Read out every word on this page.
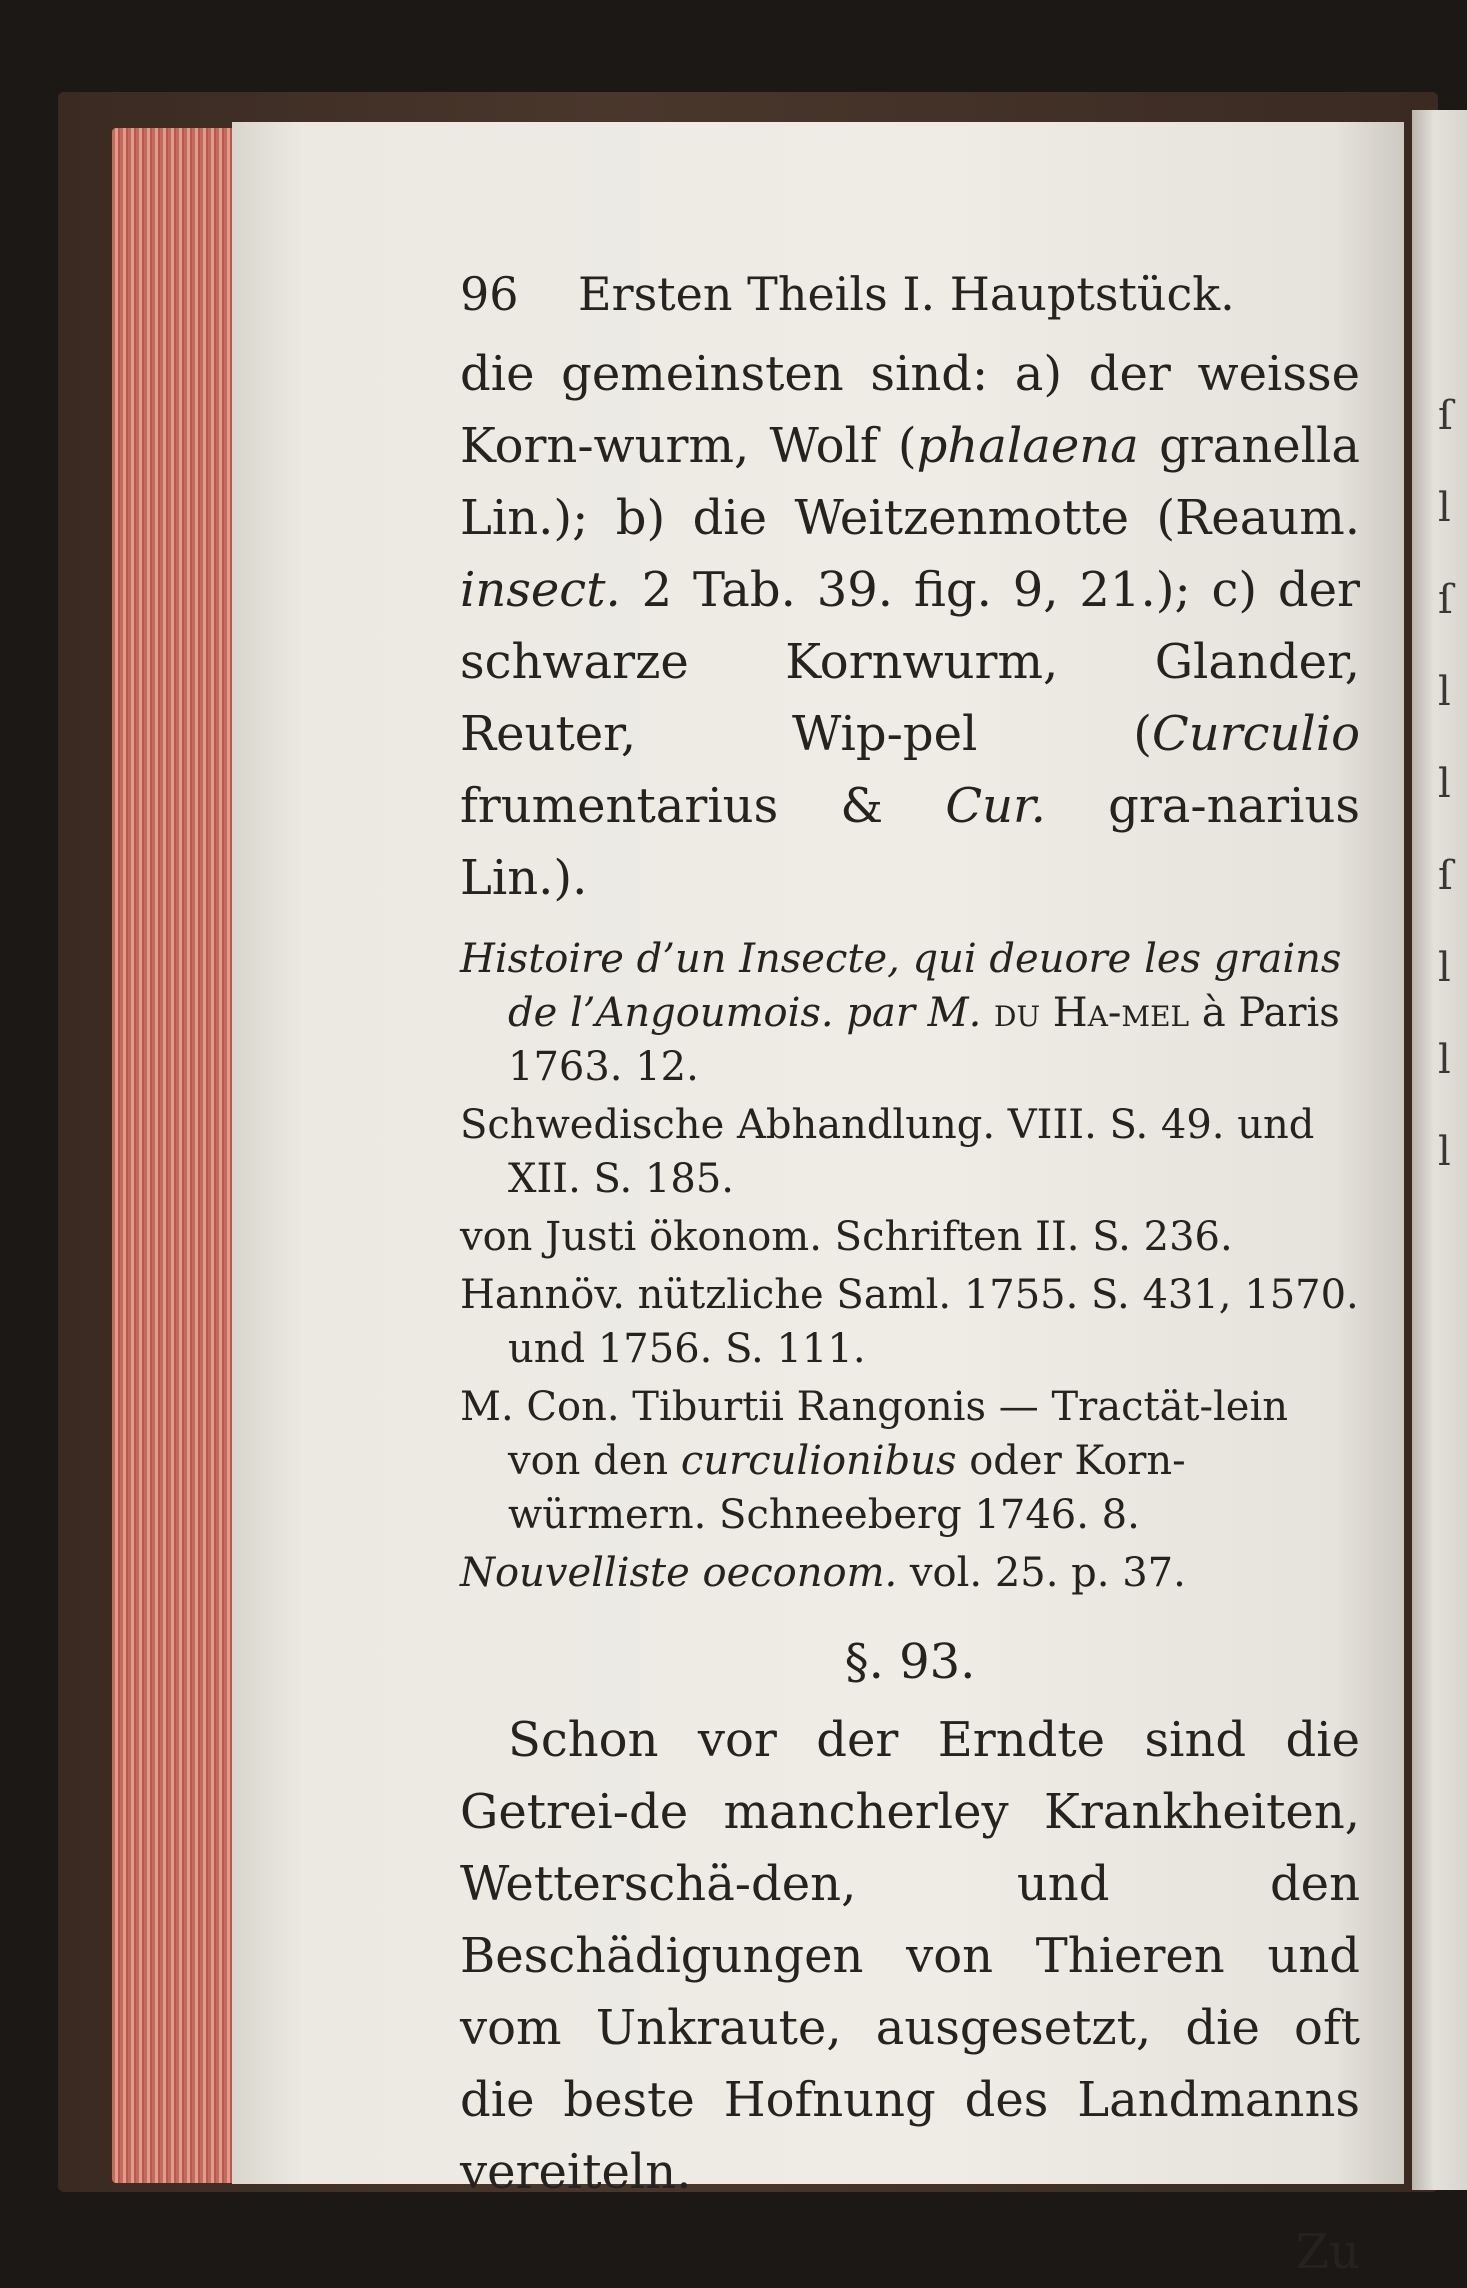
ſ
l
ſ
l
l
ſ
l
l
l
96	Ersten Theils I. Hauptstück.

die gemeinsten sind: a) der weisse Korn-wurm, Wolf (phalaena granella Lin.); b) die Weitzenmotte (Reaum. insect. 2 Tab. 39. fig. 9, 21.); c) der schwarze Kornwurm, Glander, Reuter, Wip-pel (Curculio frumentarius & Cur. gra-narius Lin.).

Histoire d’un Insecte, qui deuore les grains de l’Angoumois. par M. du Ha-mel à Paris 1763. 12.

Schwedische Abhandlung. VIII. S. 49. und XII. S. 185.

von Justi ökonom. Schriften II. S. 236.

Hannöv. nützliche Saml. 1755. S. 431, 1570. und 1756. S. 111.

M. Con. Tiburtii Rangonis — Tractät-lein von den curculionibus oder Korn-würmern. Schneeberg 1746. 8.

Nouvelliste oeconom. vol. 25. p. 37.

§. 93.

Schon vor der Erndte sind die Getrei-de mancherley Krankheiten, Wetterschä-den, und den Beschädigungen von Thieren und vom Unkraute, ausgesetzt, die oft die beste Hofnung des Landmanns vereiteln.

Zu
